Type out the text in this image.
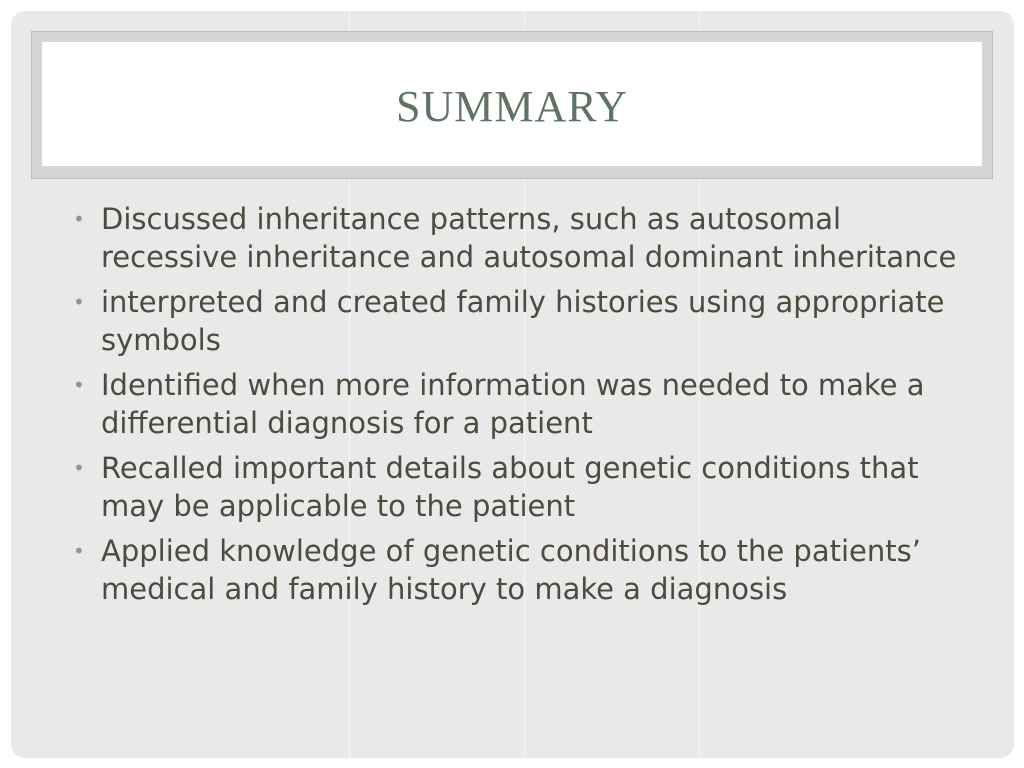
SUMMARY
• Discussed inheritance patterns, such as autosomal recessive inheritance and autosomal dominant inheritance
• interpreted and created family histories using appropriate symbols
• Identified when more information was needed to make a differential diagnosis for a patient
• Recalled important details about genetic conditions that may be applicable to the patient
• Applied knowledge of genetic conditions to the patients’ medical and family history to make a diagnosis
